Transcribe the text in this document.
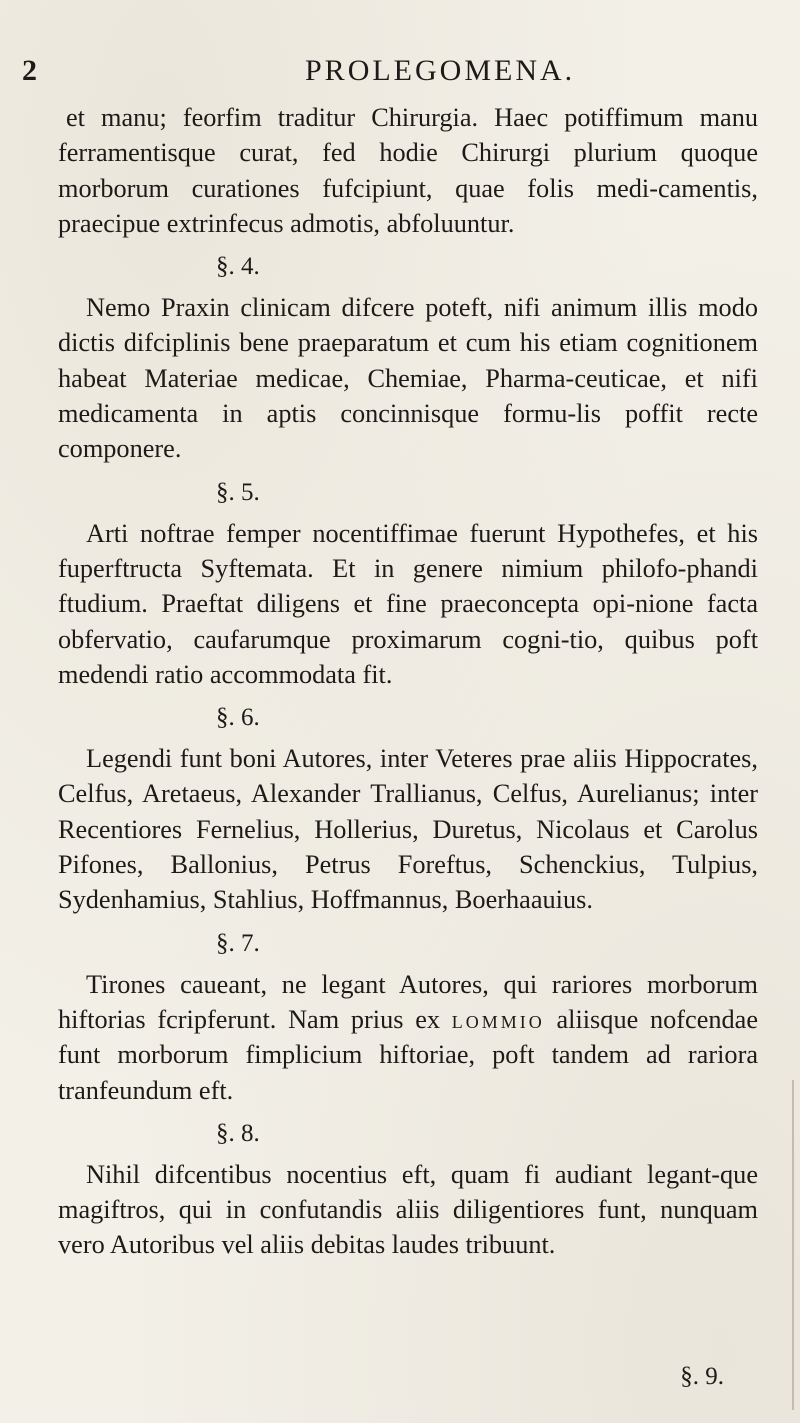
2	PROLEGOMENA.

et manu; feorfim traditur Chirurgia. Haec potiffimum manu ferramentisque curat, fed hodie Chirurgi plurium quoque morborum curationes fufcipiunt, quae folis medi-camentis, praecipue extrinfecus admotis, abfoluuntur.

§. 4.

Nemo Praxin clinicam difcere poteft, nifi animum illis modo dictis difciplinis bene praeparatum et cum his etiam cognitionem habeat Materiae medicae, Chemiae, Pharma-ceuticae, et nifi medicamenta in aptis concinnisque formu-lis poffit recte componere.

§. 5.

Arti noftrae femper nocentiffimae fuerunt Hypothefes, et his fuperftructa Syftemata. Et in genere nimium philofo-phandi ftudium. Praeftat diligens et fine praeconcepta opi-nione facta obfervatio, caufarumque proximarum cogni-tio, quibus poft medendi ratio accommodata fit.

§. 6.

Legendi funt boni Autores, inter Veteres prae aliis Hippocrates, Celfus, Aretaeus, Alexander Trallianus, Celfus, Aurelianus; inter Recentiores Fernelius, Hollerius, Duretus, Nicolaus et Carolus Pifones, Ballonius, Petrus Foreftus, Schenckius, Tulpius, Sydenhamius, Stahlius, Hoffmannus, Boerhaauius.

§. 7.

Tirones caueant, ne legant Autores, qui rariores morborum hiftorias fcripferunt. Nam prius ex lommio aliisque nofcendae funt morborum fimplicium hiftoriae, poft tandem ad rariora tranfeundum eft.

§. 8.

Nihil difcentibus nocentius eft, quam fi audiant legant-que magiftros, qui in confutandis aliis diligentiores funt, nunquam vero Autoribus vel aliis debitas laudes tribuunt.

§. 9.
